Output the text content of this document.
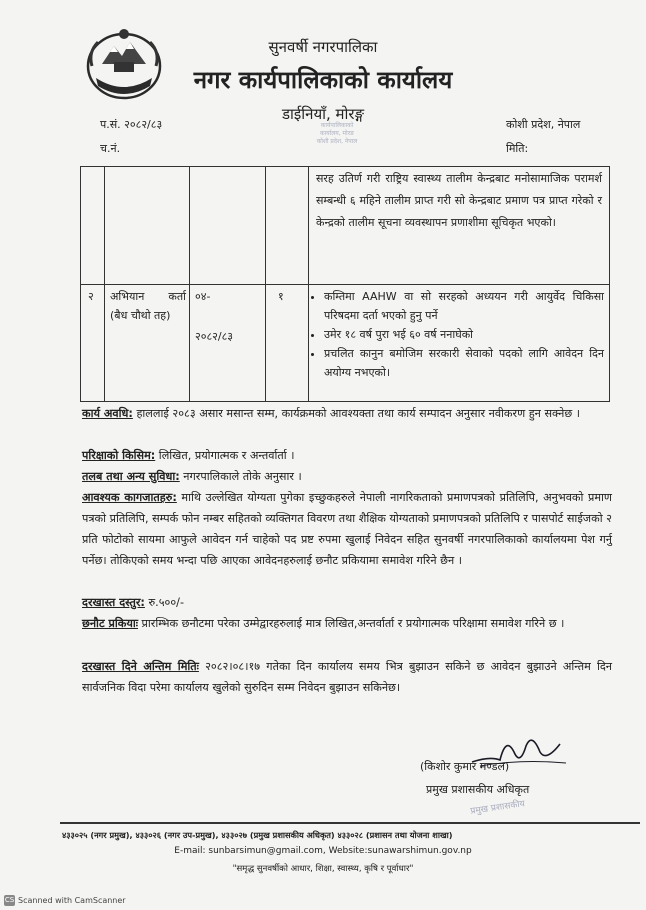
सुनवर्षी नगरपालिका
नगर कार्यपालिकाको कार्यालय
डाईनियाँ, मोरङ्ग
कार्यपालिकाको
कार्यालय, मोरङ
कोशी प्रदेश, नेपाल
प.सं. २०८२/८३
च.नं.
कोशी प्रदेश, नेपाल
मिति:
सरह उतिर्ण गरी राष्ट्रिय स्वास्थ्य तालीम केन्द्रबाट मनोसामाजिक परामर्श सम्बन्धी ६ महिने तालीम प्राप्त गरी सो केन्द्रबाट प्रमाण पत्र प्राप्त गरेको र केन्द्रको तालीम सूचना व्यवस्थापन प्रणाशीमा सूचिकृत भएको।
२	अभियान कर्ता (बैध चौथो तह)
०४-
२०८२/८३
१
•	कम्तिमा AAHW वा सो सरहको अध्ययन गरी आयुर्वेद चिकिसा परिषदमा दर्ता भएको हुनु पर्ने
• उमेर १८ वर्ष पुरा भई ६० वर्ष ननाघेको
• प्रचलित कानुन बमोजिम सरकारी सेवाको पदको लागि आवेदन दिन अयोग्य नभएको।
कार्य अवधि: हाललाई २०८३ असार मसान्त सम्म, कार्यक्रमको आवश्यक्ता तथा कार्य सम्पादन अनुसार नवीकरण हुन सक्नेछ ।
परिक्षाको किसिम: लिखित, प्रयोगात्मक र अन्तर्वार्ता ।
तलब तथा अन्य सुविधा: नगरपालिकाले तोके अनुसार ।
आवश्यक कागजातहरु: माथि उल्लेखित योग्यता पुगेका इच्छुकहरुले नेपाली नागरिकताको प्रमाणपत्रको प्रतिलिपि, अनुभवको प्रमाण पत्रको प्रतिलिपि, सम्पर्क फोन नम्बर सहितको व्यक्तिगत विवरण तथा शैक्षिक योग्यताको प्रमाणपत्रको प्रतिलिपि र पासपोर्ट साईजको २ प्रति फोटोको सायमा आफुले आवेदन गर्न चाहेको पद प्रष्ट रुपमा खुलाई निवेदन सहित सुनवर्षी नगरपालिकाको कार्यालयमा पेश गर्नु पर्नेछ। तोकिएको समय भन्दा पछि आएका आवेदनहरुलाई छनौट प्रकियामा समावेश गरिने छैन ।
दरखास्त दस्तुर: रु.५००/-
छनौट प्रकियाः प्रारम्भिक छनौटमा परेका उम्मेद्वारहरुलाई मात्र लिखित,अन्तर्वार्ता र प्रयोगात्मक परिक्षामा समावेश गरिने छ ।
दरखास्त दिने अन्तिम मितिः २०८२।०८।१७ गतेका दिन कार्यालय समय भित्र बुझाउन सकिने छ आवेदन बुझाउने अन्तिम दिन सार्वजनिक विदा परेमा कार्यालय खुलेको सुरुदिन सम्म निवेदन बुझाउन सकिनेछ।
(किशोर कुमार मण्डल)
प्रमुख प्रशासकीय अधिकृत
प्रमुख प्रशासकीय
४३३०२५ (नगर प्रमुख), ४३३०२६ (नगर उप-प्रमुख), ४३३०२७ (प्रमुख प्रशासकीय अधिकृत) ४३३०२८ (प्रशासन तथा योजना शाखा)
E-mail: sunbarsimun@gmail.com, Website:sunawarshimun.gov.np
"समृद्ध सुनवर्षीको आधार, शिक्षा, स्वास्थ्य, कृषि र पूर्वाधार"
CS Scanned with CamScanner
